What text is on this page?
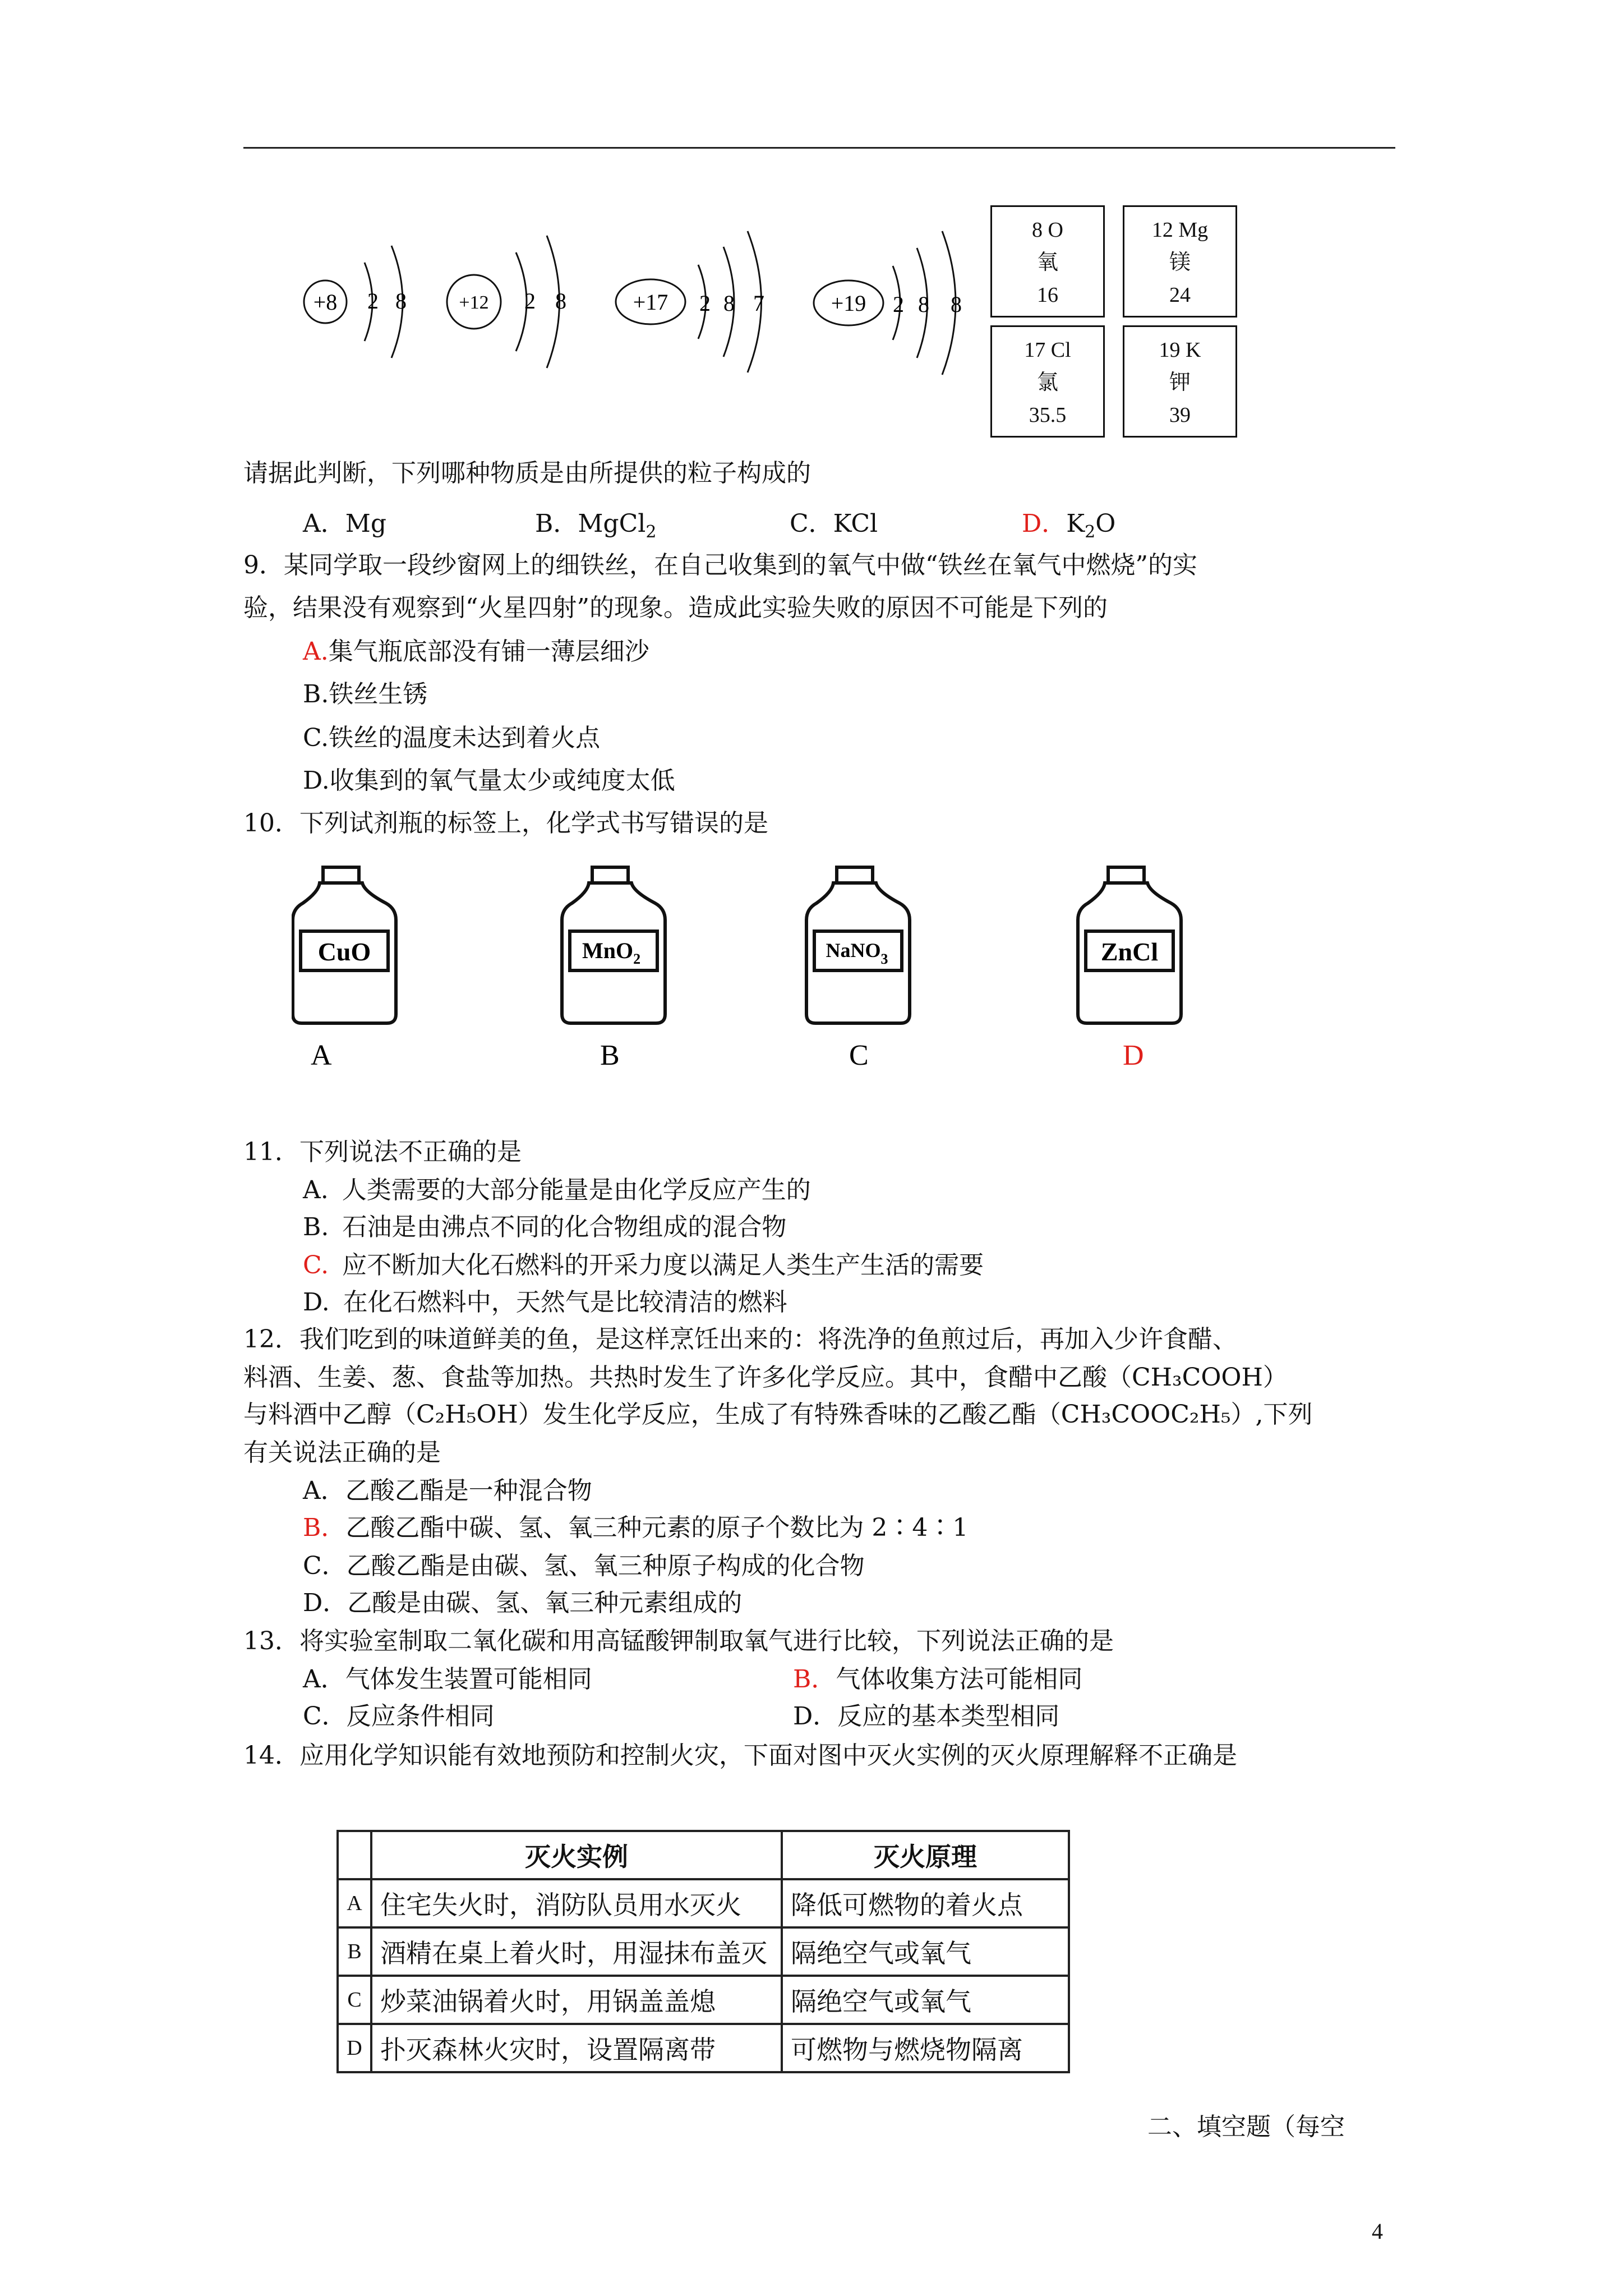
+8 2 8	+12 2 8	+17 2 8 7	+19 2 8 8
8 O
氧
16
12 Mg
镁
24
17 Cl
氯
35.5
19 K
钾
39
请据此判断，下列哪种物质是由所提供的粒子构成的
A．Mg	B．MgCl$_2$	C．KCl	D．$K_2O$
9．某同学取一段纱窗网上的细铁丝，在自己收集到的氧气中做“铁丝在氧气中燃烧”的实
验，结果没有观察到“火星四射”的现象。造成此实验失败的原因不可能是下列的
A.集气瓶底部没有铺一薄层细沙
B.铁丝生锈
C.铁丝的温度未达到着火点
D.收集到的氧气量太少或纯度太低
10．下列试剂瓶的标签上，化学式书写错误的是
CuO	MnO$_2$	NaNO$_3$	ZnCl
A	B	C	D
11．下列说法不正确的是
A. 人类需要的大部分能量是由化学反应产生的
B. 石油是由沸点不同的化合物组成的混合物
C. 应不断加大化石燃料的开采力度以满足人类生产生活的需要
D. 在化石燃料中，天然气是比较清洁的燃料
12．我们吃到的味道鲜美的鱼，是这样烹饪出来的：将洗净的鱼煎过后，再加入少许食醋、
料酒、生姜、葱、食盐等加热。共热时发生了许多化学反应。其中，食醋中乙酸（CH₃COOH）
与料酒中乙醇（C₂H₅OH）发生化学反应，生成了有特殊香味的乙酸乙酯（CH₃COOC₂H₅）,下列
有关说法正确的是
A．乙酸乙酯是一种混合物
B．乙酸乙酯中碳、氢、氧三种元素的原子个数比为 2∶4∶1
C．乙酸乙酯是由碳、氢、氧三种原子构成的化合物
D．乙酸是由碳、氢、氧三种元素组成的
13．将实验室制取二氧化碳和用高锰酸钾制取氧气进行比较，下列说法正确的是
A．气体发生装置可能相同	B．气体收集方法可能相同
C．反应条件相同	D．反应的基本类型相同
14．应用化学知识能有效地预防和控制火灾，下面对图中灭火实例的灭火原理解释不正确是
	灭火实例	灭火原理
A	住宅失火时，消防队员用水灭火	降低可燃物的着火点
B	酒精在桌上着火时，用湿抹布盖灭	隔绝空气或氧气
C	炒菜油锅着火时，用锅盖盖熄	隔绝空气或氧气
D	扑灭森林火灾时，设置隔离带	可燃物与燃烧物隔离
二、填空题（每空
4
